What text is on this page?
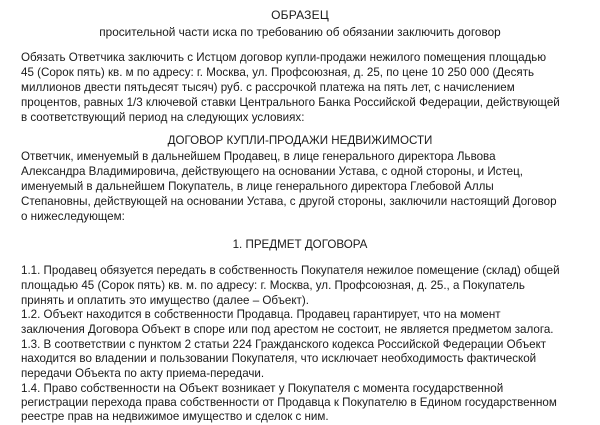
ОБРАЗЕЦ
просительной части иска по требованию об обязании заключить договор
Обязать Ответчика заключить с Истцом договор купли-продажи нежилого помещения площадью
45 (Сорок пять) кв. м по адресу: г. Москва, ул. Профсоюзная, д. 25, по цене 10 250 000 (Десять
миллионов двести пятьдесят тысяч) руб. с рассрочкой платежа на пять лет, с начислением
процентов, равных 1/3 ключевой ставки Центрального Банка Российской Федерации, действующей
в соответствующий период на следующих условиях:
ДОГОВОР КУПЛИ-ПРОДАЖИ НЕДВИЖИМОСТИ
Ответчик, именуемый в дальнейшем Продавец, в лице генерального директора Львова
Александра Владимировича, действующего на основании Устава, с одной стороны, и Истец,
именуемый в дальнейшем Покупатель, в лице генерального директора Глебовой Аллы
Степановны, действующей на основании Устава, с другой стороны, заключили настоящий Договор
о нижеследующем:
1. ПРЕДМЕТ ДОГОВОРА
1.1. Продавец обязуется передать в собственность Покупателя нежилое помещение (склад) общей
площадью 45 (Сорок пять) кв. м. по адресу: г. Москва, ул. Профсоюзная, д. 25., а Покупатель
принять и оплатить это имущество (далее – Объект).
1.2. Объект находится в собственности Продавца. Продавец гарантирует, что на момент
заключения Договора Объект в споре или под арестом не состоит, не является предметом залога.
1.3. В соответствии с пунктом 2 статьи 224 Гражданского кодекса Российской Федерации Объект
находится во владении и пользовании Покупателя, что исключает необходимость фактической
передачи Объекта по акту приема-передачи.
1.4. Право собственности на Объект возникает у Покупателя с момента государственной
регистрации перехода права собственности от Продавца к Покупателю в Едином государственном
реестре прав на недвижимое имущество и сделок с ним.
